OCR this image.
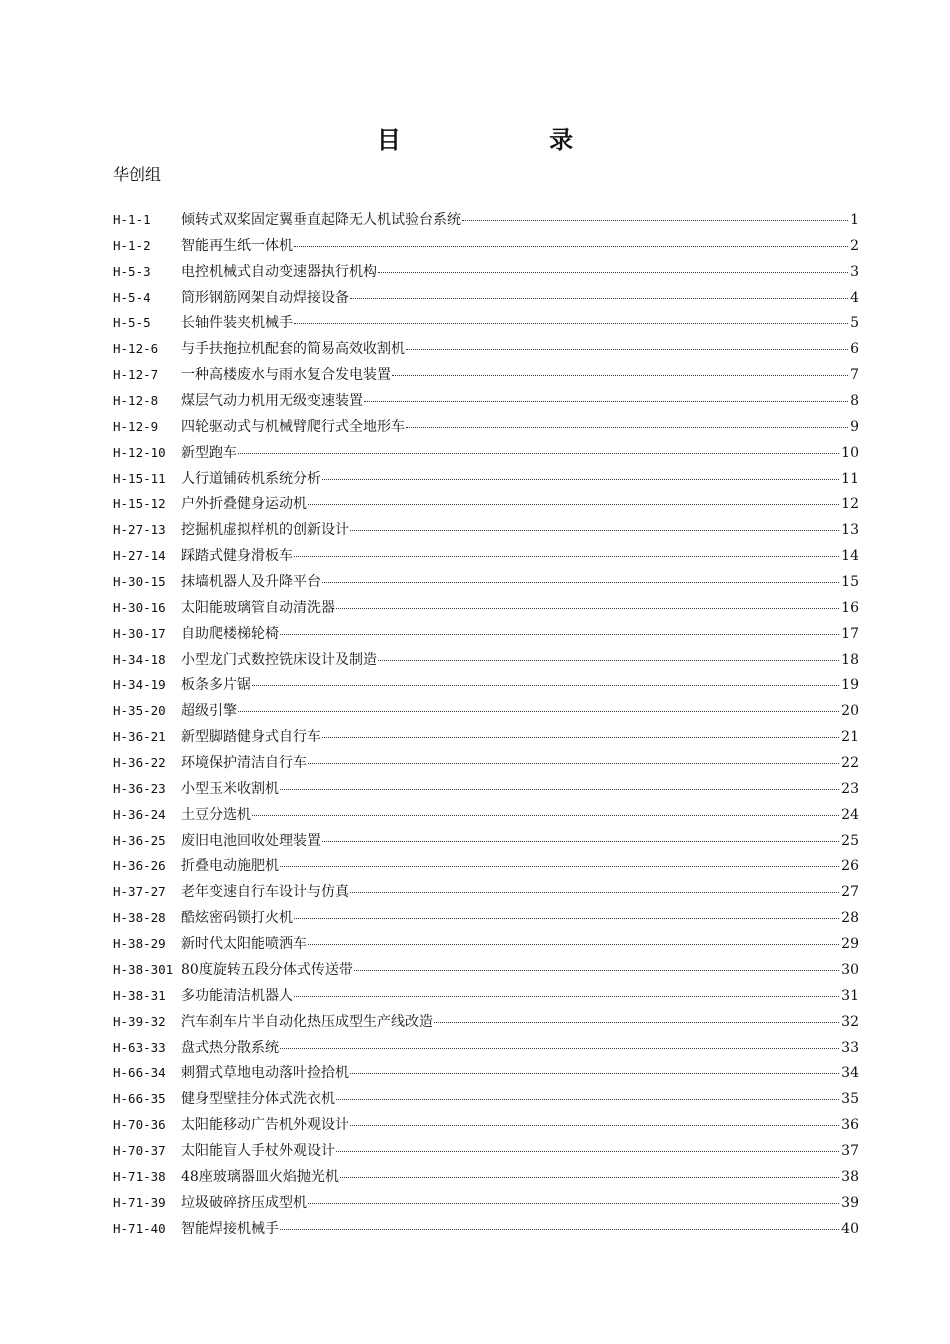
目 录
华创组
H-1-1	倾转式双桨固定翼垂直起降无人机试验台系统	1
H-1-2	智能再生纸一体机	2
H-5-3	电控机械式自动变速器执行机构	3
H-5-4	筒形钢筋网架自动焊接设备	4
H-5-5	长轴件装夹机械手	5
H-12-6	与手扶拖拉机配套的简易高效收割机	6
H-12-7	一种高楼废水与雨水复合发电装置	7
H-12-8	煤层气动力机用无级变速装置	8
H-12-9	四轮驱动式与机械臂爬行式全地形车	9
H-12-10	新型跑车	10
H-15-11	人行道铺砖机系统分析	11
H-15-12	户外折叠健身运动机	12
H-27-13	挖掘机虚拟样机的创新设计	13
H-27-14	踩踏式健身滑板车	14
H-30-15	抹墙机器人及升降平台	15
H-30-16	太阳能玻璃管自动清洗器	16
H-30-17	自助爬楼梯轮椅	17
H-34-18	小型龙门式数控铣床设计及制造	18
H-34-19	板条多片锯	19
H-35-20	超级引擎	20
H-36-21	新型脚踏健身式自行车	21
H-36-22	环境保护清洁自行车	22
H-36-23	小型玉米收割机	23
H-36-24	土豆分选机	24
H-36-25	废旧电池回收处理装置	25
H-36-26	折叠电动施肥机	26
H-37-27	老年变速自行车设计与仿真	27
H-38-28	酷炫密码锁打火机	28
H-38-29	新时代太阳能喷洒车	29
H-38-301 80度旋转五段分体式传送带	30
H-38-31	多功能清洁机器人	31
H-39-32	汽车刹车片半自动化热压成型生产线改造	32
H-63-33	盘式热分散系统	33
H-66-34	刺猬式草地电动落叶捡拾机	34
H-66-35	健身型壁挂分体式洗衣机	35
H-70-36	太阳能移动广告机外观设计	36
H-70-37	太阳能盲人手杖外观设计	37
H-71-38	48座玻璃器皿火焰抛光机	38
H-71-39	垃圾破碎挤压成型机	39
H-71-40	智能焊接机械手	40
